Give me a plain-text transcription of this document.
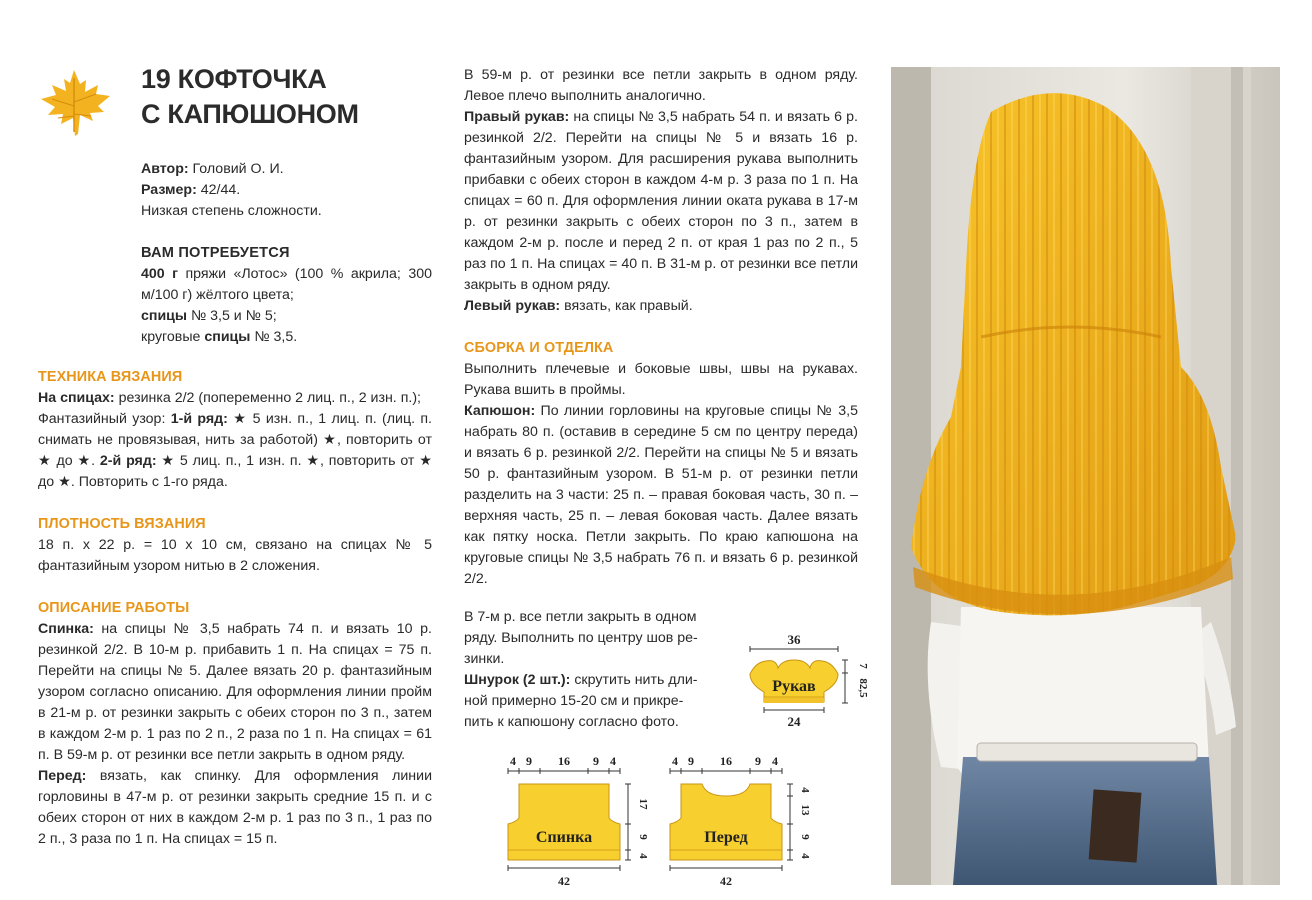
19 КОФТОЧКА
С КАПЮШОНОМ

Автор: Головий О. И.

Размер: 42/44.

Низкая степень сложности.

ВАМ ПОТРЕБУЕТСЯ

400 г пряжи «Лотос» (100 % акрила; 300 м/100 г) жёлтого цвета;

спицы № 3,5 и № 5;

круговые спицы № 3,5.

ТЕХНИКА ВЯЗАНИЯ

На спицах: резинка 2/2 (попеременно 2 лиц. п., 2 изн. п.);

Фантазийный узор: 1-й ряд: ★ 5 изн. п., 1 лиц. п. (лиц. п. снимать не провязывая, нить за работой) ★, повторить от ★ до ★. 2-й ряд: ★ 5 лиц. п., 1 изн. п. ★, повторить от ★ до ★. Повторить с 1-го ряда.

ПЛОТНОСТЬ ВЯЗАНИЯ

18 п. х 22 р. = 10 х 10 см, связано на спицах № 5 фантазийным узором нитью в 2 сложения.

ОПИСАНИЕ РАБОТЫ

Спинка: на спицы № 3,5 набрать 74 п. и вязать 10 р. резинкой 2/2. В 10-м р. прибавить 1 п. На спицах = 75 п. Перейти на спицы № 5. Далее вязать 20 р. фантазийным узором согласно описанию. Для оформления линии пройм в 21-м р. от резинки закрыть с обеих сторон по 3 п., затем в каждом 2-м р. 1 раз по 2 п., 2 раза по 1 п. На спицах = 61 п. В 59-м р. от резинки все петли закрыть в одном ряду.

Перед: вязать, как спинку. Для оформления линии горловины в 47-м р. от резинки закрыть средние 15 п. и с обеих сторон от них в каждом 2-м р. 1 раз по 3 п., 1 раз по 2 п., 3 раза по 1 п. На спицах = 15 п.

В 59-м р. от резинки все петли закрыть в одном ряду. Левое плечо выполнить аналогично.

Правый рукав: на спицы № 3,5 набрать 54 п. и вязать 6 р. резинкой 2/2. Перейти на спицы № 5 и вязать 16 р. фантазийным узором. Для расширения рукава выполнить прибавки с обеих сторон в каждом 4-м р. 3 раза по 1 п. На спицах = 60 п. Для оформления линии оката рукава в 17-м р. от резинки закрыть с обеих сторон по 3 п., затем в каждом 2-м р. после и перед 2 п. от края 1 раз по 2 п., 5 раз по 1 п. На спицах = 40 п. В 31-м р. от резинки все петли закрыть в одном ряду.

Левый рукав: вязать, как правый.

СБОРКА И ОТДЕЛКА

Выполнить плечевые и боковые швы, швы на рукавах. Рукава вшить в проймы.

Капюшон: По линии горловины на круговые спицы № 3,5 набрать 80 п. (оставив в середине 5 см по центру переда) и вязать 6 р. резинкой 2/2. Перейти на спицы № 5 и вязать 50 р. фантазийным узором. В 51-м р. от резинки петли разделить на 3 части: 25 п. – правая боковая часть, 30 п. – верхняя часть, 25 п. – левая боковая часть. Далее вязать как пятку носка. Петли закрыть. По краю капюшона на круговые спицы № 3,5 набрать 76 п. и вязать 6 р. резинкой 2/2.

В 7-м р. все петли закрыть в одном

ряду. Выполнить по центру шов ре-

зинки.

Шнурок (2 шт.): скрутить нить дли-

ной примерно 15-20 см и прикре-

пить к капюшону согласно фото.

36
Рукав
24
7
82,5
4 9 16 9 4
Спинка
42
17
9
4
4 9 16 9 4
Перед
42
4
13
9
4
